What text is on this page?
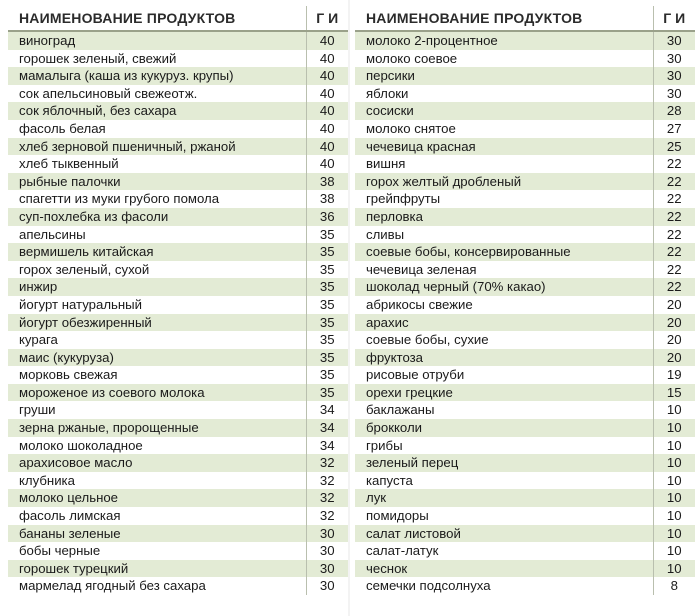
НАИМЕНОВАНИЕ ПРОДУКТОВ	Г И
виноград	40
горошек зеленый, свежий	40
мамалыга (каша из кукуруз. крупы)	40
сок апельсиновый свежеотж.	40
сок яблочный, без сахара	40
фасоль белая	40
хлеб зерновой пшеничный, ржаной	40
хлеб тыквенный	40
рыбные палочки	38
спагетти из муки грубого помола	38
суп-похлебка из фасоли	36
апельсины	35
вермишель китайская	35
горох зеленый, сухой	35
инжир	35
йогурт натуральный	35
йогурт обезжиренный	35
курага	35
маис (кукуруза)	35
морковь свежая	35
мороженое из соевого молока	35
груши	34
зерна ржаные, пророщенные	34
молоко шоколадное	34
арахисовое масло	32
клубника	32
молоко цельное	32
фасоль лимская	32
бананы зеленые	30
бобы черные	30
горошек турецкий	30
мармелад ягодный без сахара	30
НАИМЕНОВАНИЕ ПРОДУКТОВ	Г И
молоко 2-процентное	30
молоко соевое	30
персики	30
яблоки	30
сосиски	28
молоко снятое	27
чечевица красная	25
вишня	22
горох желтый дробленый	22
грейпфруты	22
перловка	22
сливы	22
соевые бобы, консервированные	22
чечевица зеленая	22
шоколад черный (70% какао)	22
абрикосы свежие	20
арахис	20
соевые бобы, сухие	20
фруктоза	20
рисовые отруби	19
орехи грецкие	15
баклажаны	10
брокколи	10
грибы	10
зеленый перец	10
капуста	10
лук	10
помидоры	10
салат листовой	10
салат-латук	10
чеснок	10
семечки подсолнуха	8
